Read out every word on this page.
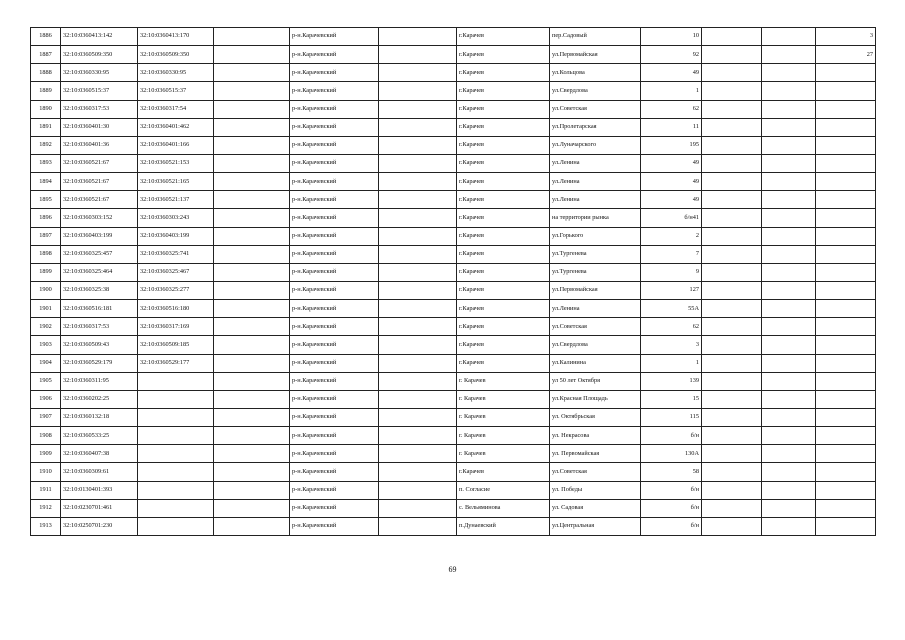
1886	32:10:0360413:142	32:10:0360413:170		р-н.Карачевский		г.Карачев	пер.Садовый	10			3
1887	32:10:0360509:350	32:10:0360509:350		р-н.Карачевский		г.Карачев	ул.Первомайская	92			27
1888	32:10:0360330:95	32:10:0360330:95		р-н.Карачевский		г.Карачев	ул.Кольцова	49			
1889	32:10:0360515:37	32:10:0360515:37		р-н.Карачевский		г.Карачев	ул.Свердлова	1			
1890	32:10:0360317:53	32:10:0360317:54		р-н.Карачевский		г.Карачев	ул.Советская	62			
1891	32:10:0360401:30	32:10:0360401:462		р-н.Карачевский		г.Карачев	ул.Пролетарская	11			
1892	32:10:0360401:36	32:10:0360401:166		р-н.Карачевский		г.Карачев	ул.Луначарского	195			
1893	32:10:0360521:67	32:10:0360521:153		р-н.Карачевский		г.Карачев	ул.Ленина	49			
1894	32:10:0360521:67	32:10:0360521:165		р-н.Карачевский		г.Карачев	ул.Ленина	49			
1895	32:10:0360521:67	32:10:0360521:137		р-н.Карачевский		г.Карачев	ул.Ленина	49			
1896	32:10:0360303:152	32:10:0360303:243		р-н.Карачевский		г.Карачев	на территории рынка	б/н41			
1897	32:10:0360403:199	32:10:0360403:199		р-н.Карачевский		г.Карачев	ул.Горького	2			
1898	32:10:0360325:457	32:10:0360325:741		р-н.Карачевский		г.Карачев	ул.Тургенева	7			
1899	32:10:0360325:464	32:10:0360325:467		р-н.Карачевский		г.Карачев	ул.Тургенева	9			
1900	32:10:0360325:38	32:10:0360325:277		р-н.Карачевский		г.Карачев	ул.Первомайская	127			
1901	32:10:0360516:181	32:10:0360516:180		р-н.Карачевский		г.Карачев	ул.Ленина	55А			
1902	32:10:0360317:53	32:10:0360317:169		р-н.Карачевский		г.Карачев	ул.Советская	62			
1903	32:10:0360509:43	32:10:0360509:185		р-н.Карачевский		г.Карачев	ул.Свердлова	3			
1904	32:10:0360529:179	32:10:0360529:177		р-н.Карачевский		г.Карачев	ул.Калинина	1			
1905	32:10:0360311:95			р-н.Карачевский		г. Карачев	ул 50 лет Октября	139			
1906	32:10:0360202:25			р-н.Карачевский		г. Карачев	ул.Красная Площадь	15			
1907	32:10:0360132:18			р-н.Карачевский		г. Карачев	ул. Октябрьская	115			
1908	32:10:0360533:25			р-н.Карачевский		г. Карачев	ул. Некрасова	б/н			
1909	32:10:0360407:38			р-н.Карачевский		г. Карачев	ул. Первомайская	130А			
1910	32:10:0360309:61			р-н.Карачевский		г.Карачев	ул.Советская	58			
1911	32:10:0130401:393			р-н.Карачевский		п. Согласие	ул. Победы	б/н			
1912	32:10:0230701:461			р-н.Карачевский		с. Вельяминова	ул. Садовая	б/н			
1913	32:10:0250701:230			р-н.Карачевский		п.Дунаевский	ул.Центральная	б/н			
69
